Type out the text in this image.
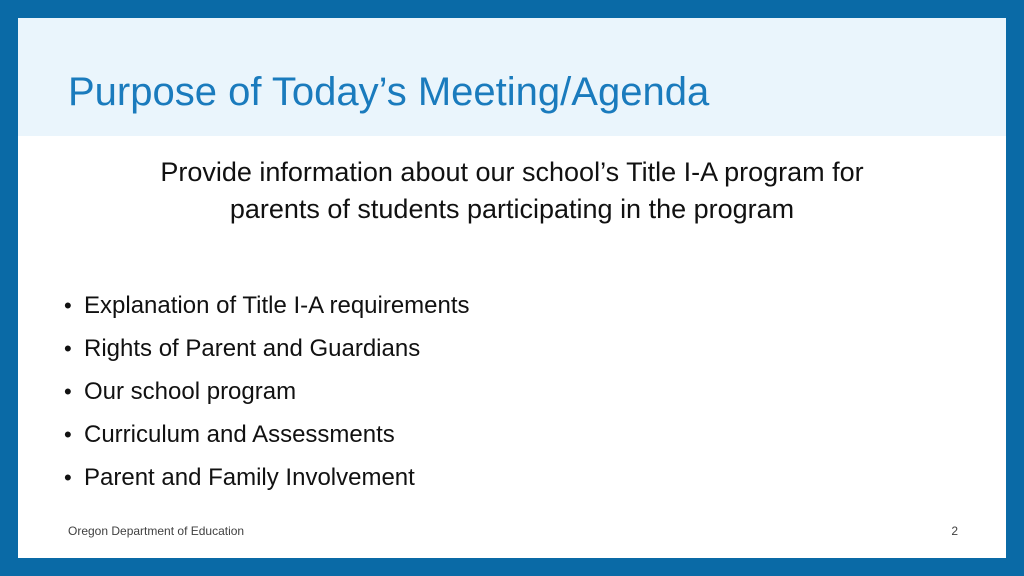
Purpose of Today’s Meeting/Agenda

Provide information about our school’s Title I-A program for
parents of students participating in the program

• Explanation of Title I-A requirements
• Rights of Parent and Guardians
• Our school program
• Curriculum and Assessments
• Parent and Family Involvement
Oregon Department of Education	2
